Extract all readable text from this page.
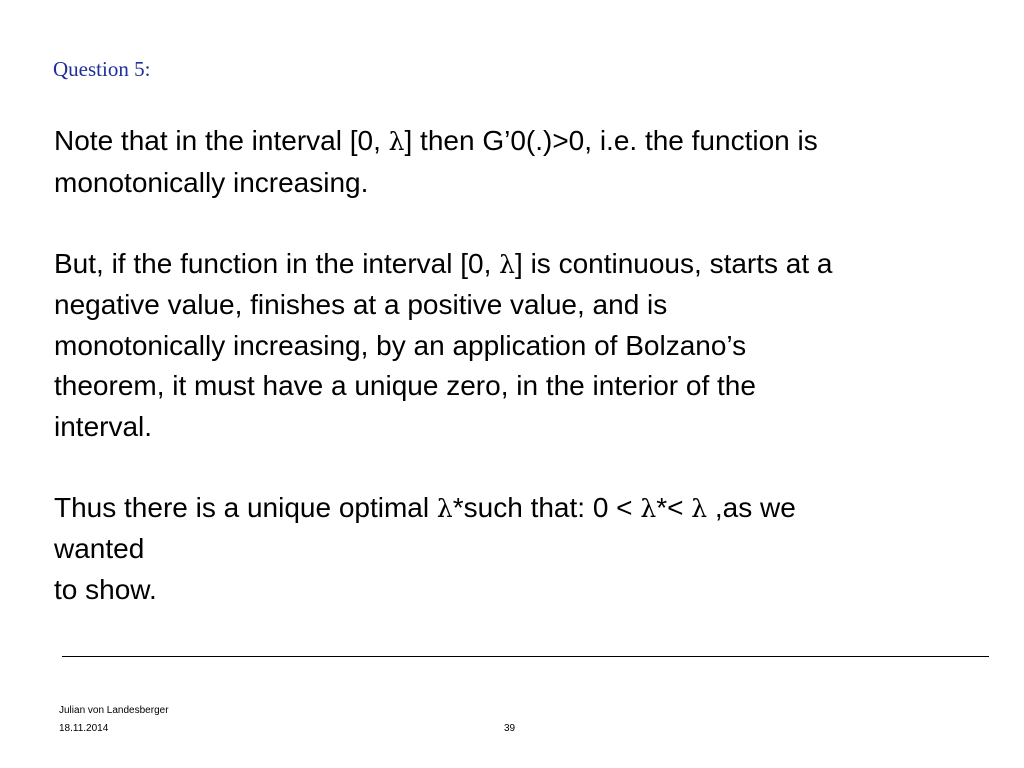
Question 5:

Note that in the interval [0, λ] then G’0(.)>0, i.e. the function is
monotonically increasing.

But, if the function in the interval [0, λ] is continuous, starts at a
negative value, finishes at a positive value, and is
monotonically increasing, by an application of Bolzano’s
theorem, it must have a unique zero, in the interior of the
interval.

Thus there is a unique optimal λ*such that: 0 < λ*< λ ,as we
wanted
to show.

Julian von Landesberger
18.11.2014	39
